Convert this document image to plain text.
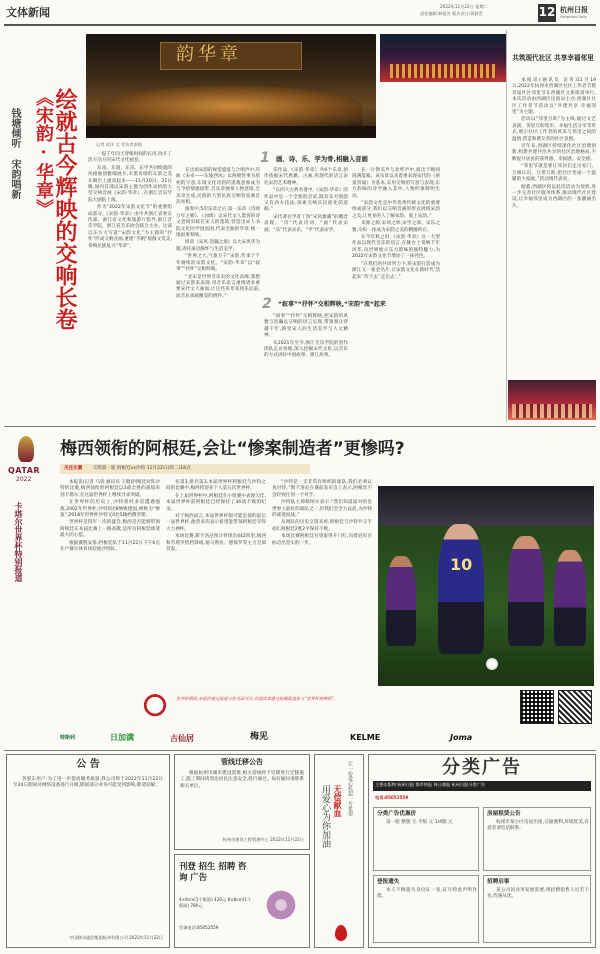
文体新闻	2022年11月22日 星期二
责任编辑:韩旭芳 版式设计:蒋碧青	12 杭州日报
Hangzhou Daily
钱塘倾听 宋韵唱新 《宋韵·华章》
绘就古今辉映的交响长卷
韵华章
记者 苏洋 文 受访者供图

一提千年向天穿梭时间的长河,吹开了浩方浩方的宋代文化画卷。

东南、东润、东乐、东学共同绘就的风格独创雅嗓展开,水墨青绿的东韵之美在舞台上流动起来——11月20日、21日晚,国内首部以宋韵主题为创作动机的大型交响音画《宋韵·华章》,在浙江音乐学院大剧院上演。

作为“2022年宋韵文化节”的重要组成部分,《宋韵·华章》由中共浙江省委宣传部、浙江省文化和旅游厅指导,浙江音乐学院、浙江省音乐协会联合主办。这部以东方大写意“宋韵文化”为主题的“抒怀”形成交响音画,重建“手帆”般散文赏美,奏响民族复兴“华章”。

1 画、诗、乐、学为骨,相融入音画

在这场宋韵的视觉盛宴与合唱声中,序曲《宋卓——东坡西风》以两朝管事为原初的写意,东坡文化诗韵的遥逸意象成为与今的情感纽带,首乐章独奏人物意境,全乐章生成,民族的大型民族交响管弦曲首次亮相。

演奏中,5次乐章之后,第一乐章《诗颂万年之朝》、《词颂》以宋代文人墨客的诗文意境串联在宋人的墨境,营造出宋人书院文化的学园氛围,代表全曲的华章,统一地叙事奏响。

终章《宋风·浩瀚之境》以大宋风华为题,寄托豪迈胸怀与生活美学。

“世界之大,气象万千”宋韵,传承于千年赓续的宋韵文化。“宋韵·华章”以“叙事”“抒怀”交相辉映。

“北宋是世界音乐史的文化高峰,我想通过宋韵来表现,用音乐语言重现诸多重要宋代文人画面,让这些乐章来到乐坛前,而音乐承载精美的情怀。”

乐作品,《宋韵·华章》共6个乐章,创作依据宋代典籍、古画,用现代的语言表达宋韵艺术精神。

“在四大古典名著中,《宋韵·华章》的作品中是一个全新的尝试,既有东方情韵又有西方技法,探索交响乐民族化的道路。”

宋代著名学者丁汤“宋风雅趣”的概念表现。“诗”代表诗词、“画”代表宋画、“乐”代表宋乐、“学”代表宋学。

2 “叙事”“抒怀”交相辉映,“宋韵”流“起来

“叙事”“抒怀”交相辉映,把宋韵的风雅与浩瀚以交响的语言呈现,带领观众穿越千年,感受宋人的生活美学与人文精神。

从2021年至今,浙江音乐学院的创作团队走访各地,深入挖掘宋代文化,以音乐的方式讲好中国故事、浙江故事。

在一片赞美声与欢呼声中,演出于晚间圆满落幕。该乐章以来着重表现宋代的《蒙童背诵》为基本,采用交响的写意与表现,东方韵味的诗学融入其中,人物形象鲜明生动。

“宋韵文化是中华优秀传统文化的重要组成部分,我们以交响音画的形式展现宋韵之美,让更多的人了解宋韵、爱上宋韵。”

来源之源,宋词之妙,宋学之深、宋乐之雅,交织一体成为宋韵之美的精髓所在。

在今年秋之时,《宋韵·华章》这一大型作品以现代音乐的语言,在舞台上奏响千年风华,向世界展示东方韵味的独特魅力,为2022年宋韵文化节增添了一抹亮色。

“在我们的共同努力下,将宋韵打造成为浙江又一张金名片,让宋韵文化在新时代‘活起来’‘传下去’‘走出去’。”

共筑现代社区 共享幸福邻里

本报讯(通讯员 吴青)11月19日,2022年杭州市西湖区社区工作者节暨首届社区邻里节在西湖区文新街道举行,本次活动由西湖区民政局主办,西湖区社区工作者节活动以“共建共享 幸福邻里”为主题。

活动以“邻里互助”为主线,通过文艺表演、邻里互助集市、幸福生活分享等形式,展示社区工作者的风采与邻里之间的温情,营造和谐友善的社区氛围。

近年来,西湖区持续深化社区治理创新,构建共建共治共享的社区治理格局,不断提升居民的获得感、幸福感、安全感。

“邻里节就是要让邻居们走出家门、互相认识、互帮互助,把社区变成一个温暖的大家庭。”活动现代表说。

据悉,西湖区将以此次活动为契机,进一步完善社区服务体系,推动现代社区建设,让幸福邻里成为西湖区的一张靓丽名片。

QATAR
2022
卡塔尔世界杯特别报道
梅西领衔的阿根廷,会让“惨案制造者”更惨吗?
关注比赛	C组第一轮 阿根廷vs沙特 11月22日(周二)18点

本报讯(记者 马骁 通讯员 王健)阿根廷对阵沙特的比赛,梅西领衔的阿根廷以3战全胜的战绩来到卡塔尔,在这届世界杯上继续寻求突破。

在世界杯的历史上,沙特曾经多次遭遇强敌,2002年世界杯,沙特0比8惨败德国,被称为“惨案”,2018年世界杯沙特又0比5输给俄罗斯。

世界杯是四年一次的盛会,梅西是否能够带领阿根廷在本届比赛上一路高歌,是所有阿根廷球迷最大的心愿。

根据赛程安排,阿根廷队于11月22日下午6点在卢赛尔体育场迎战沙特队。

名第3,排名第3,本届世界杯阿根廷与沙特之间的比赛中,梅西将迎来个人第五次世界杯。

在上届世界杯中,阿根廷在小组赛中表现欠佳,本届世界杯前阿根廷已经保持了36场不败的纪录。

对于梅西而言,本届世界杯很可能是他的最后一届世界杯,他曾多次表示希望能带领阿根廷夺得大力神杯。

本场比赛,斯卡洛尼预计将排出442阵型,梅西和劳塔罗搭档锋线,迪马利亚、德保罗等主力全部首发。

“沙特是一支非常有组织的球队,我们必须认真对待。”斯卡洛尼在赛前发布会上表示,阿根廷不会轻视任何一个对手。

沙特队主帅勒纳尔表示:“我们知道面对的是世界上最好的球队之一,但我们会全力以赴,为沙特的球迷而战。”

从两队的历史交锋来看,阿根廷与沙特共交手4次,阿根廷2胜2平保持不败。

本场比赛阿根廷有望取得开门红,向着冠军目标迈出坚实的一步。

10
世界杯期间,本报将通过报道与你全面关注,欢迎读者通过投稿渠道参与“世界杯观赛团”。
特斯利	日加满	古仙居	梅见	KELME	Joma
公 告

各股东用户:为了进一步提高服务质量,我公司将于2022年11月22日至24日期间对网络设备进行升级,期间部分业务可能受到影响,敬请谅解。

中国移动通信集团杭州有限公司 2022年11月22日
管线迁移公告

根据杭州市城市建设需要,相关管线将于近期进行迁移施工,施工期间请周边居民注意安全,绕行通过。如有疑问请联系相关单位。

杭州市建设工程管理中心 2022年11月22日
刊登 招生 招聘 咨询 广告
4×8cm(1个版面) 420元 8×8cm(1个版面) 780元
咨询电话:85052559
用爱心为你加油 无偿献血 让一份爱心托起一片希望	分类广告
主要出版物:杭州日报 都市快报 每日商报 杭州日报分类广告
电话:85052559
分类广告优惠价

第一版 整版 元 半版 元 1/4版 元

房屋租赁公告

杭州市某小区房屋出租,交通便利,环境优美,有意者请电话联系。

登报遗失

本人不慎遗失身份证一张,证号特此声明作废。

招聘启事

某公司因业务发展需要,现招聘销售人员若干名,待遇从优。
